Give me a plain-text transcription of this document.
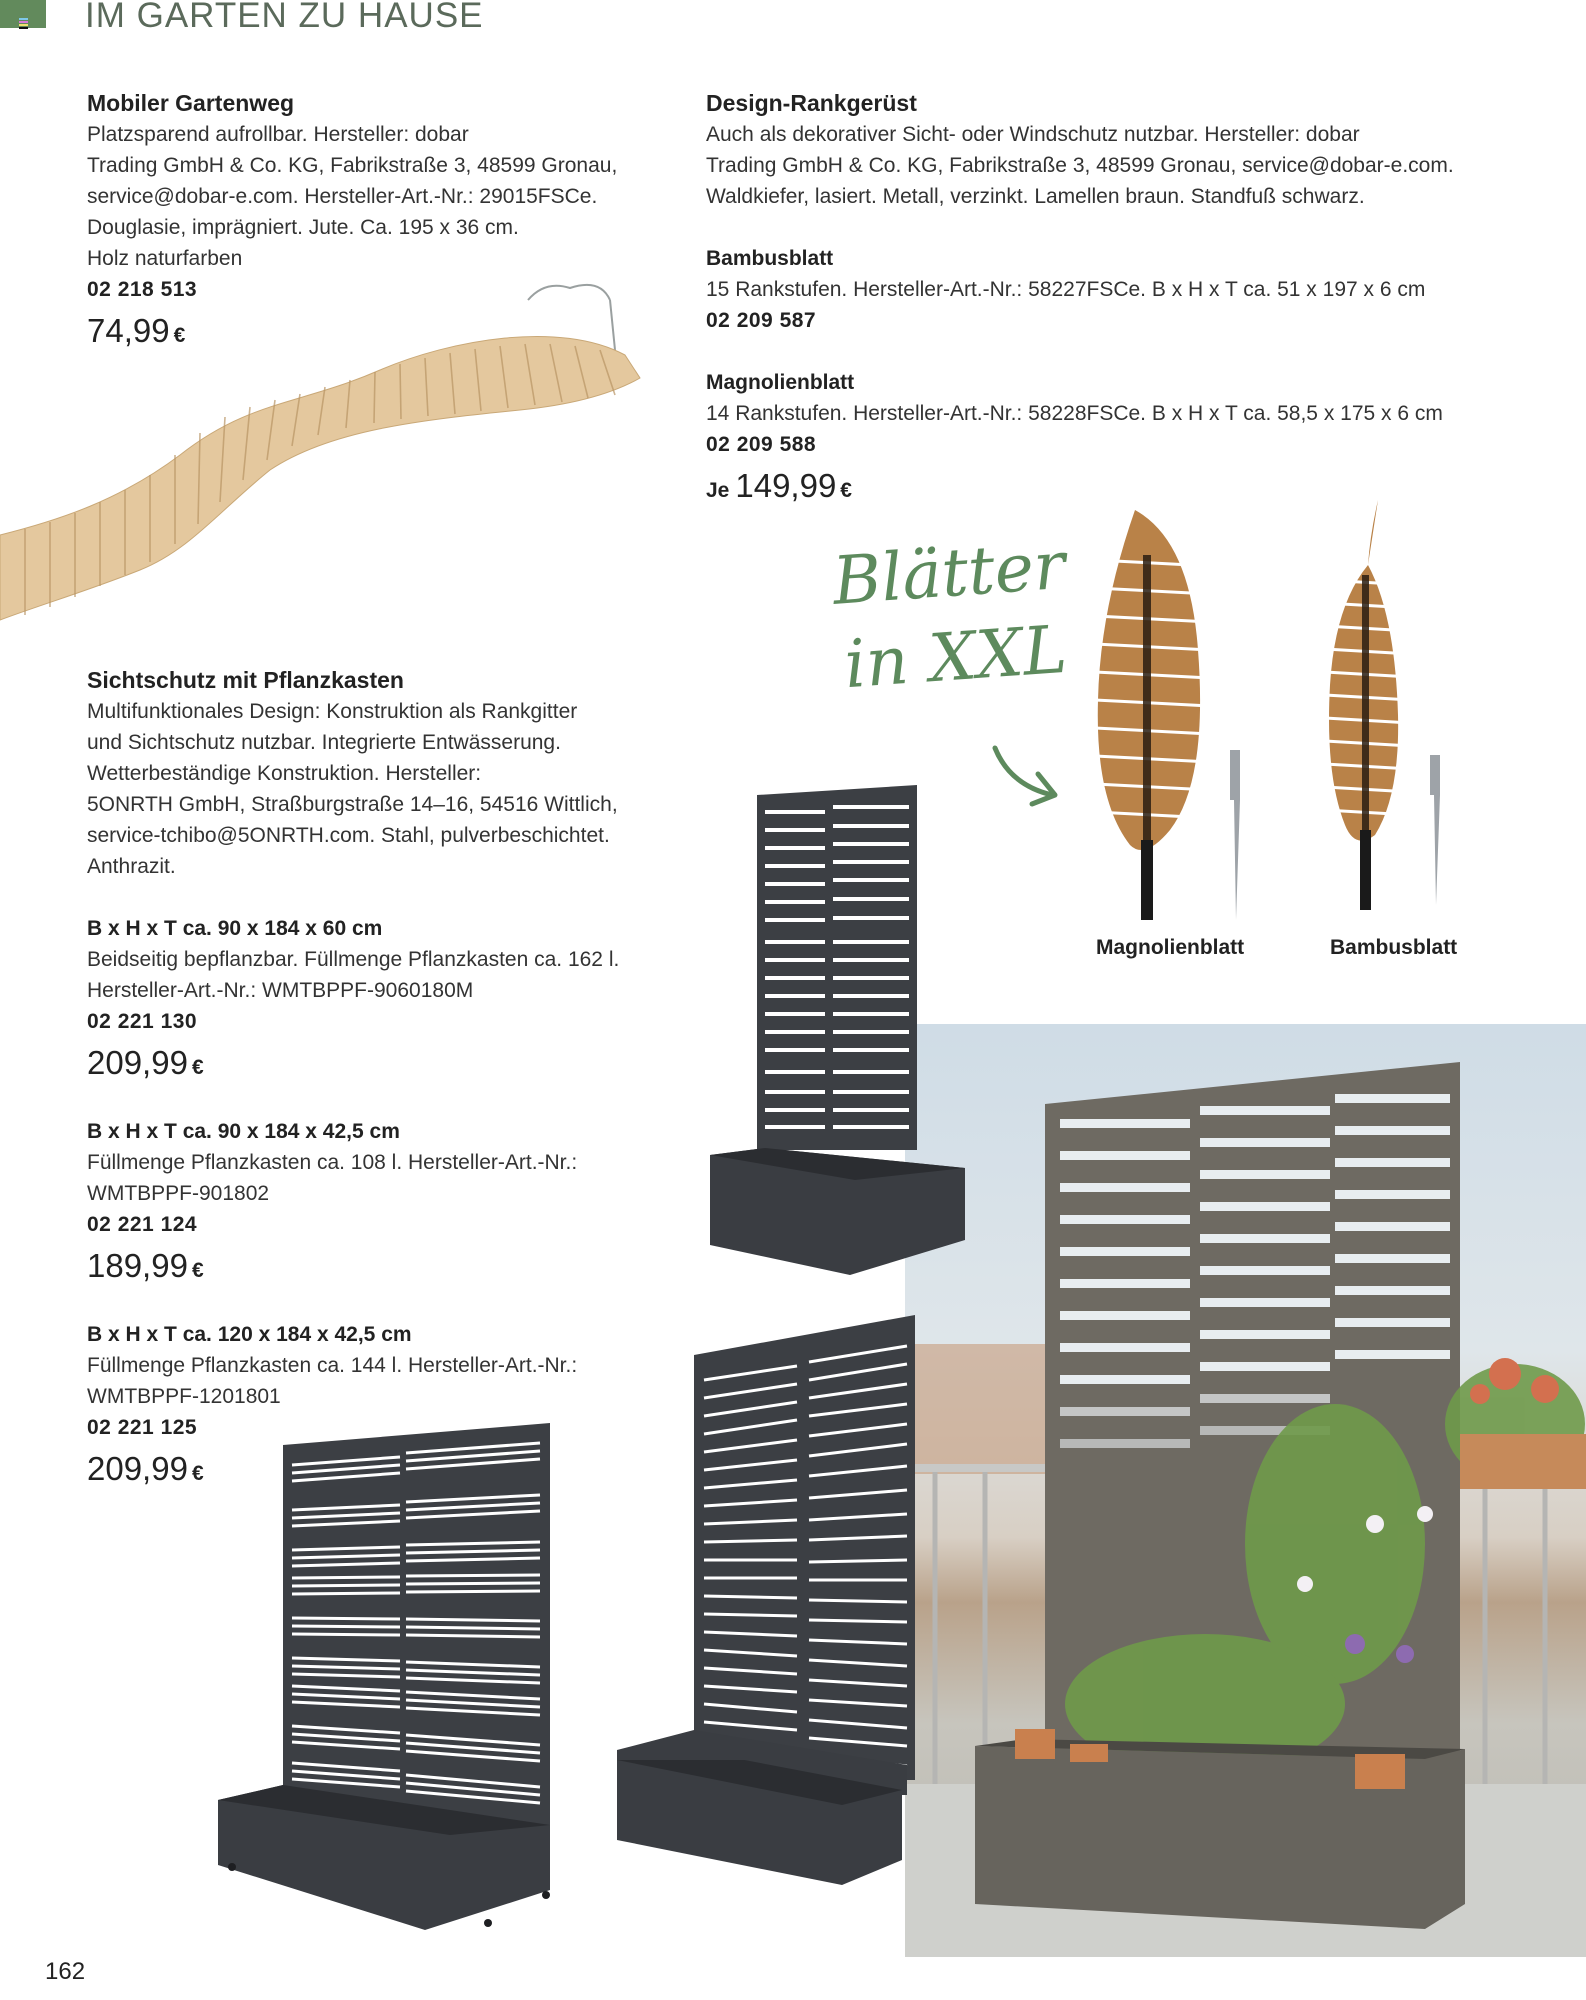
IM GARTEN ZU HAUSE
Mobiler Gartenweg
Platzsparend aufrollbar. Hersteller: dobar
Trading GmbH & Co. KG, Fabrikstraße 3, 48599 Gronau,
service@dobar-e.com. Hersteller-Art.-Nr.: 29015FSCe.
Douglasie, imprägniert. Jute. Ca. 195 x 36 cm.
Holz naturfarben
02 218 513
74,99 €
Design-Rankgerüst
Auch als dekorativer Sicht- oder Windschutz nutzbar. Hersteller: dobar
Trading GmbH & Co. KG, Fabrikstraße 3, 48599 Gronau, service@dobar-e.com.
Waldkiefer, lasiert. Metall, verzinkt. Lamellen braun. Standfuß schwarz.
Bambusblatt
15 Rankstufen. Hersteller-Art.-Nr.: 58227FSCe. B x H x T ca. 51 x 197 x 6 cm
02 209 587
Magnolienblatt
14 Rankstufen. Hersteller-Art.-Nr.: 58228FSCe. B x H x T ca. 58,5 x 175 x 6 cm
02 209 588
Je 149,99 €
Blätter
in XXL
Magnolienblatt	Bambusblatt
Sichtschutz mit Pflanzkasten
Multifunktionales Design: Konstruktion als Rankgitter
und Sichtschutz nutzbar. Integrierte Entwässerung.
Wetterbeständige Konstruktion. Hersteller:
5ONRTH GmbH, Straßburgstraße 14–16, 54516 Wittlich,
service-tchibo@5ONRTH.com. Stahl, pulverbeschichtet.
Anthrazit.
B x H x T ca. 90 x 184 x 60 cm
Beidseitig bepflanzbar. Füllmenge Pflanzkasten ca. 162 l.
Hersteller-Art.-Nr.: WMTBPPF-9060180M
02 221 130
209,99 €
B x H x T ca. 90 x 184 x 42,5 cm
Füllmenge Pflanzkasten ca. 108 l. Hersteller-Art.-Nr.:
WMTBPPF-901802
02 221 124
189,99 €
B x H x T ca. 120 x 184 x 42,5 cm
Füllmenge Pflanzkasten ca. 144 l. Hersteller-Art.-Nr.:
WMTBPPF-1201801
02 221 125
209,99 €
162
